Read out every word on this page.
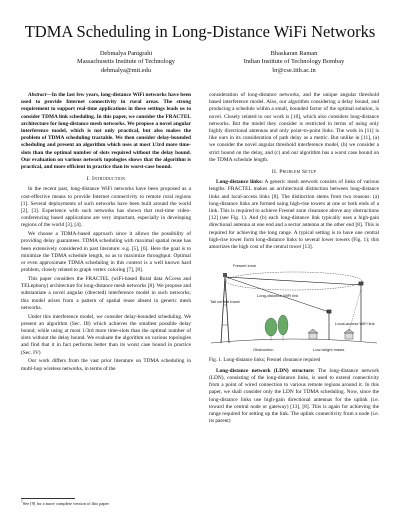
TDMA Scheduling in Long-Distance WiFi Networks
Debmalya Panigrahi
Massachusetts Institute of Technology
debmalya@mit.edu
Bhaskaran Raman
Indian Institute of Technology Bombay
br@cse.iitb.ac.in

Abstract—In the last few years, long-distance WiFi networks have been used to provide Internet connectivity in rural areas. The strong requirement to support real-time applications in these settings leads us to consider TDMA link scheduling. In this paper, we consider the FRACTEL architecture for long-distance mesh networks. We propose a novel angular interference model, which is not only practical, but also makes the problem of TDMA scheduling tractable. We then consider delay-bounded scheduling and present an algorithm which uses at most 1/3rd more time-slots than the optimal number of slots required without the delay bound. Our evaluation on various network topologies shows that the algorithm is practical, and more efficient in practice than its worst-case bound.

I. Introduction

In the recent past, long-distance WiFi networks have been proposed as a cost-effective means to provide Internet connectivity to remote rural regions [1]. Several deployments of such networks have been built around the world [2], [3]. Experience with such networks has shown that real-time video-conferencing based applications are very important, especially in developing regions of the world [3], [4].

We choose a TDMA-based approach since it allows the possibility of providing delay guarantees. TDMA scheduling with maximal spatial reuse has been extensively considered in past literature: e.g. [5], [6]. Here the goal is to minimize the TDMA schedule length, so as to maximize throughput. Optimal or even approximate TDMA scheduling in this context is a well known hard problem, closely related to graph vertex coloring [7], [8].

This paper considers the FRACTEL (wiFi-based Rural data ACcess and TELephony) architecture for long-distance mesh networks [8]. We propose and substantiate a novel angular (directed) interference model in such networks; this model arises from a pattern of spatial reuse absent in generic mesh networks.

Under this interference model, we consider delay-bounded scheduling. We present an algorithm (Sec. III) which achieves the smallest possible delay bound, while using at most 1/3rd more time-slots than the optimal number of slots without the delay bound. We evaluate the algorithm on various topologies and find that it in fact performs better than its worst case bound in practice (Sec. IV)

Our work differs from the vast prior literature on TDMA scheduling in multi-hop wireless networks, in terms of the

$^1$See [9] for a more complete version of this paper

consideration of long-distance networks, and the unique angular threshold based interference model. Also, our algorithm considering a delay bound, and producing a schedule within a small, bounded factor of the optimal solution, is novel. Closely related to our work is [10], which also considers long-distance networks. But the model they consider is restricted in terms of using only highly directional antennas and only point-to-point links. The work in [11] is like ours in its consideration of path delay as a metric. But unlike in [11], (a) we consider the novel angular threshold interference model, (b) we consider a strict bound on the delay, and (c) and our algorithm has a worst case bound on the TDMA schedule length.

II. Problem Setup

Long-distance links: A generic mesh network consists of links of various lengths. FRACTEL makes an architectural distinction between long-distance links and local-access links [8]. The distinction stems from two reasons: (a) long-distance links are formed using high-rise towers at one or both ends of a link. This is required to achieve Fresnel zone clearance above any obstructions [12] (see Fig. 1). And (b) each long-distance link typically uses a high-gain directional antenna at one end and a sector antenna at the other end [8]. This is required for achieving the long range. A typical setting is to have one central high-rise tower form long-distance links to several lower towers (Fig. 1); this amortizes the high cost of the central tower [13].

Fresnel zone
Tall central tower
Obstruction	Low-height masts
Local-access WiFi link
Long-distance WiFi link
Fig. 1. Long-distance links; Fresnel clearance required

Long-distance network (LDN) structure: The long-distance network (LDN), consisting of the long-distance links, is used to extend connectivity from a point of wired connection to various remote regions around it. In this paper, we shall consider only the LDN for TDMA scheduling. Now, since the long-distance links use high-gain directional antennas for the uplink (i.e. toward the central node or gateway) [13], [8]. This is again for achieving the range required for setting up the link. The uplink connectivity from a node (i.e. its parent)
